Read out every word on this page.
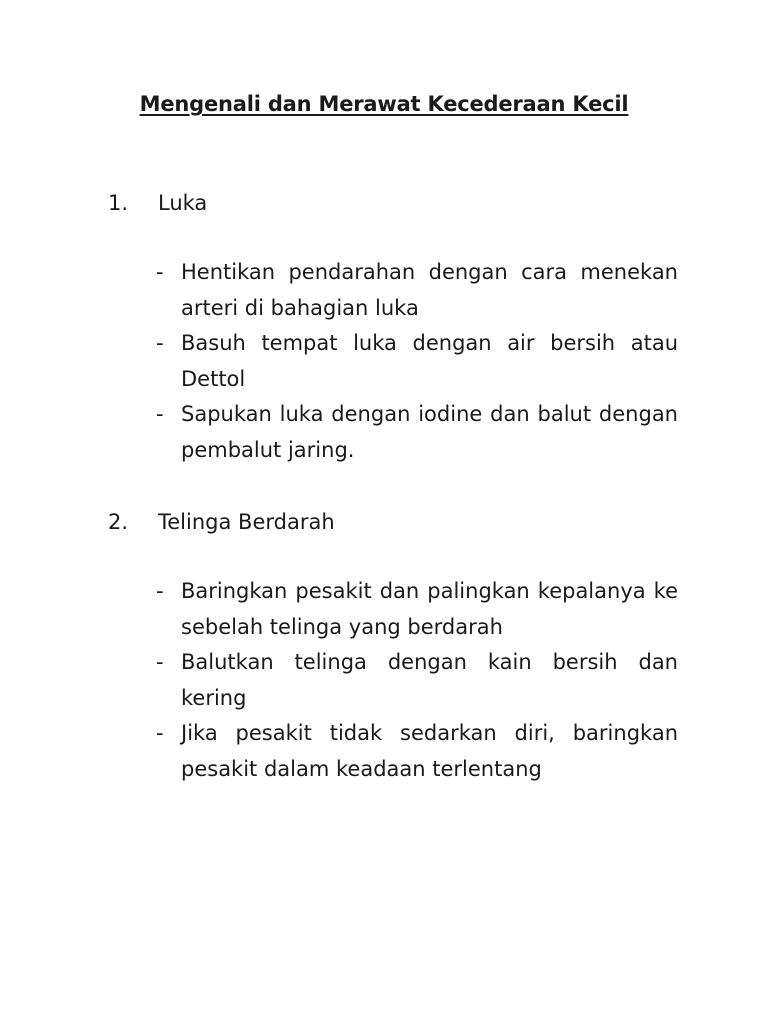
Mengenali dan Merawat Kecederaan Kecil
1.	Luka
- Hentikan pendarahan dengan cara menekan arteri di bahagian luka
- Basuh tempat luka dengan air bersih atau Dettol
- Sapukan luka dengan iodine dan balut dengan pembalut jaring.
2.	Telinga Berdarah
- Baringkan pesakit dan palingkan kepalanya ke sebelah telinga yang berdarah
- Balutkan telinga dengan kain bersih dan kering
- Jika pesakit tidak sedarkan diri, baringkan pesakit dalam keadaan terlentang
